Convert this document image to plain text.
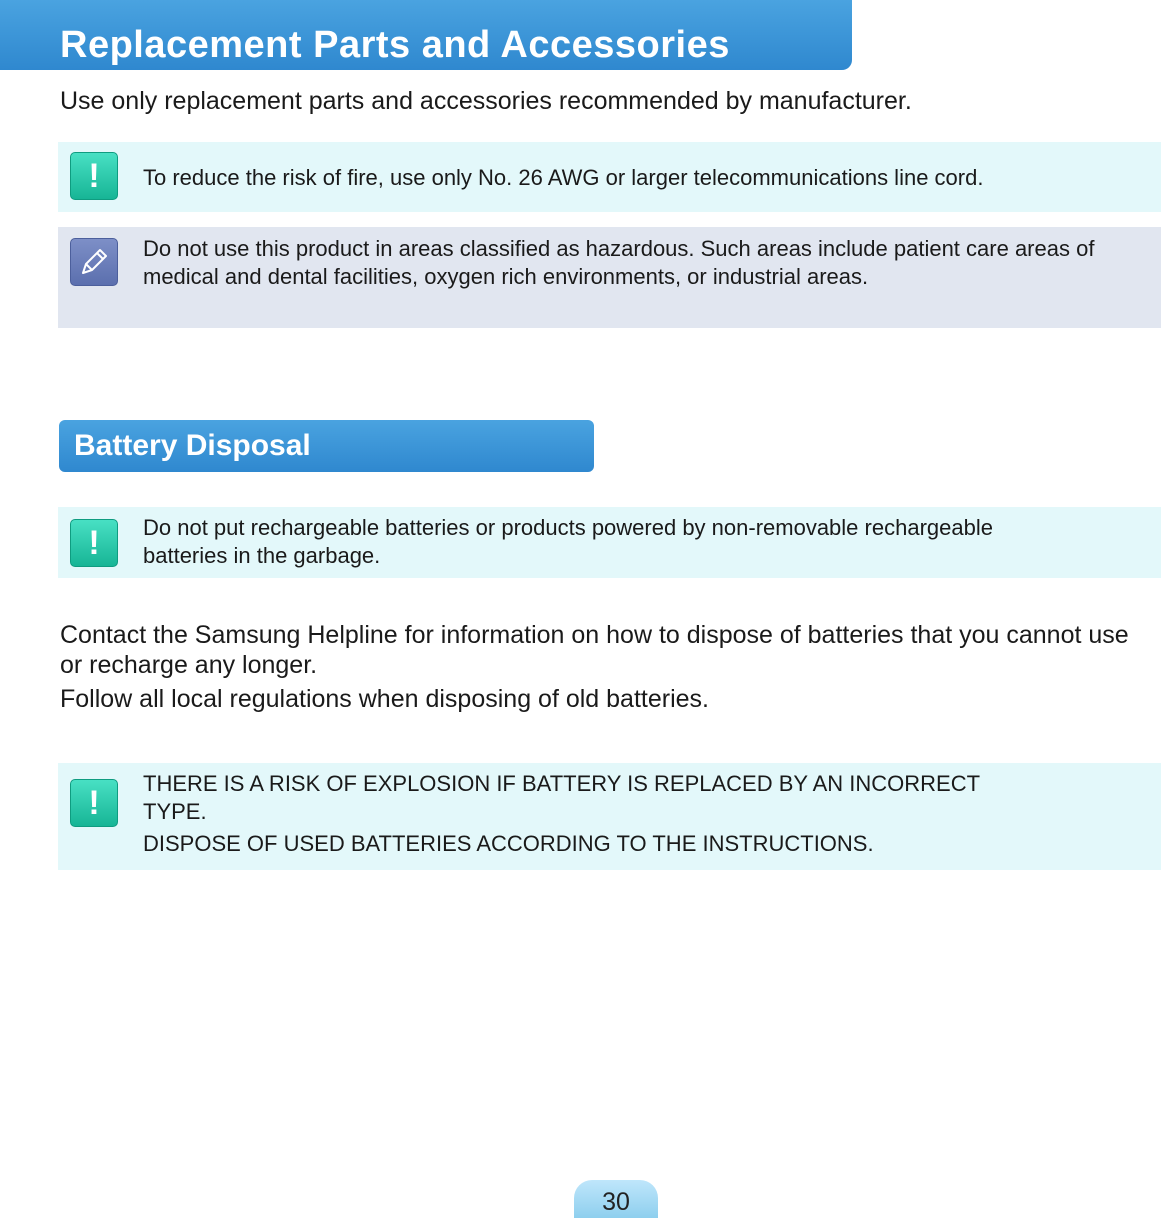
Replacement Parts and Accessories

Use only replacement parts and accessories recommended by manufacturer.

! To reduce the risk of fire, use only No. 26 AWG or larger telecommunications line cord.

Do not use this product in areas classified as hazardous. Such areas include patient care areas of medical and dental facilities, oxygen rich environments, or industrial areas.

Battery Disposal
! Do not put rechargeable batteries or products powered by non-removable rechargeable batteries in the garbage.

Contact the Samsung Helpline for information on how to dispose of batteries that you cannot use or recharge any longer.

Follow all local regulations when disposing of old batteries.

!

THERE IS A RISK OF EXPLOSION IF BATTERY IS REPLACED BY AN INCORRECT TYPE.

DISPOSE OF USED BATTERIES ACCORDING TO THE INSTRUCTIONS.

30
